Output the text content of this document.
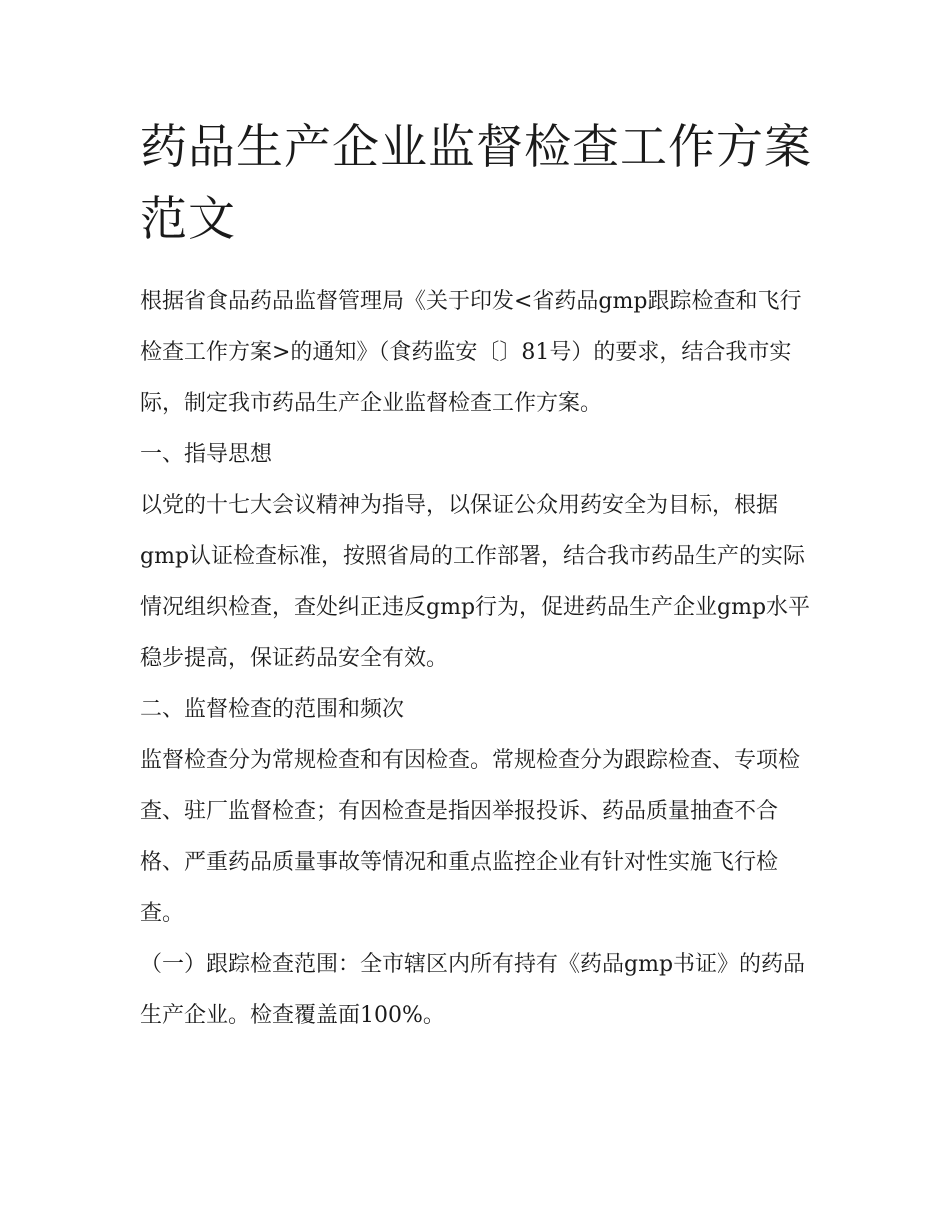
药品生产企业监督检查工作方案范文

根据省食品药品监督管理局《关于印发<省药品gmp跟踪检查和飞行检查工作方案>的通知》（食药监安〔〕81号）的要求，结合我市实际，制定我市药品生产企业监督检查工作方案。

一、指导思想

以党的十七大会议精神为指导，以保证公众用药安全为目标，根据gmp认证检查标准，按照省局的工作部署，结合我市药品生产的实际情况组织检查，查处纠正违反gmp行为，促进药品生产企业gmp水平稳步提高，保证药品安全有效。

二、监督检查的范围和频次

监督检查分为常规检查和有因检查。常规检查分为跟踪检查、专项检查、驻厂监督检查；有因检查是指因举报投诉、药品质量抽查不合格、严重药品质量事故等情况和重点监控企业有针对性实施飞行检查。

（一）跟踪检查范围：全市辖区内所有持有《药品gmp书证》的药品生产企业。检查覆盖面100%。
